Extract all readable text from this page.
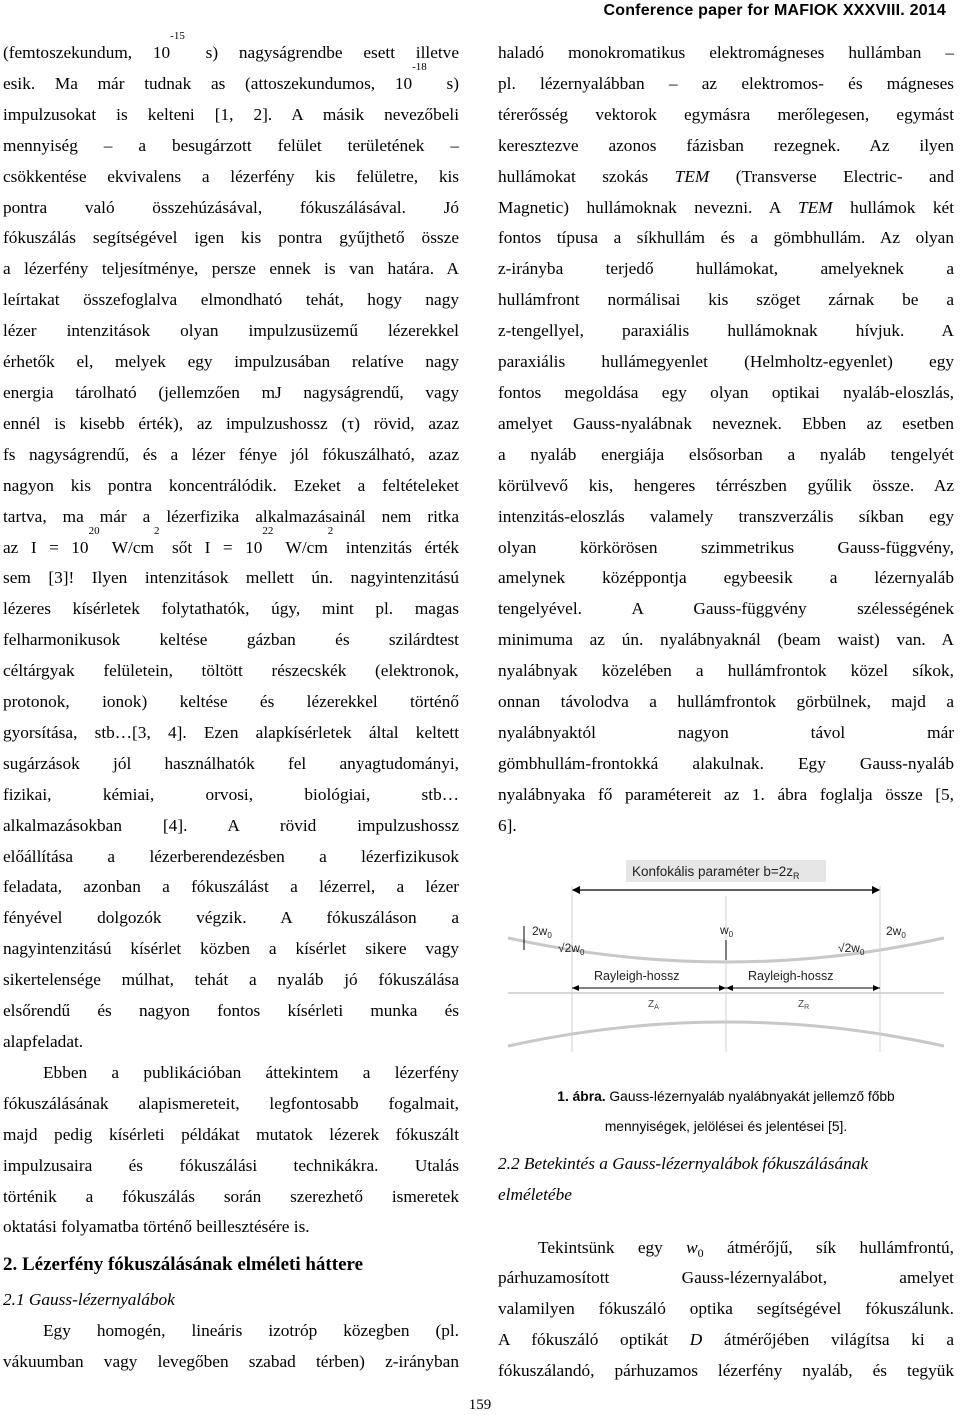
Conference paper for MAFIOK XXXVIII. 2014
(femtoszekundum, $10^{-15}$ s) nagyságrendbe esett illetve
esik. Ma már tudnak as (attoszekundumos, $10^{-18}$ s)
impulzusokat is kelteni [1, 2]. A másik nevezőbeli
mennyiség – a besugárzott felület területének –
csökkentése ekvivalens a lézerfény kis felületre, kis
pontra való összehúzásával, fókuszálásával. Jó
fókuszálás segítségével igen kis pontra gyűjthető össze
a lézerfény teljesítménye, persze ennek is van határa. A
leírtakat összefoglalva elmondható tehát, hogy nagy
lézer intenzitások olyan impulzusüzemű lézerekkel
érhetők el, melyek egy impulzusában relatíve nagy
energia tárolható (jellemzően mJ nagyságrendű, vagy
ennél is kisebb érték), az impulzushossz (τ) rövid, azaz
fs nagyságrendű, és a lézer fénye jól fókuszálható, azaz
nagyon kis pontra koncentrálódik. Ezeket a feltételeket
tartva, ma már a lézerfizika alkalmazásainál nem ritka
az $I = 10^{20}$ $W/cm^2$ sőt $I = 10^{22}$ $W/cm^2$ intenzitás érték
sem [3]! Ilyen intenzitások mellett ún. nagyintenzitású
lézeres kísérletek folytathatók, úgy, mint pl. magas
felharmonikusok keltése gázban és szilárdtest
céltárgyak felületein, töltött részecskék (elektronok,
protonok, ionok) keltése és lézerekkel történő
gyorsítása, stb…[3, 4]. Ezen alapkísérletek által keltett
sugárzások jól használhatók fel anyagtudományi,
fizikai, kémiai, orvosi, biológiai, stb…
alkalmazásokban [4]. A rövid impulzushossz
előállítása a lézerberendezésben a lézerfizikusok
feladata, azonban a fókuszálást a lézerrel, a lézer
fényével dolgozók végzik. A fókuszáláson a
nagyintenzitású kísérlet közben a kísérlet sikere vagy
sikertelensége múlhat, tehát a nyaláb jó fókuszálása
elsőrendű és nagyon fontos kísérleti munka és
alapfeladat.
Ebben a publikációban áttekintem a lézerfény
fókuszálásának alapismereteit, legfontosabb fogalmait,
majd pedig kísérleti példákat mutatok lézerek fókuszált
impulzusaira és fókuszálási technikákra. Utalás
történik a fókuszálás során szerezhető ismeretek
oktatási folyamatba történő beillesztésére is.
2. Lézerfény fókuszálásának elméleti háttere
2.1 Gauss-lézernyalábok
Egy homogén, lineáris izotróp közegben (pl.
vákuumban vagy levegőben szabad térben) z-irányban
haladó monokromatikus elektromágneses hullámban –
pl. lézernyalábban – az elektromos- és mágneses
térerősség vektorok egymásra merőlegesen, egymást
keresztezve azonos fázisban rezegnek. Az ilyen
hullámokat szokás TEM (Transverse Electric- and
Magnetic) hullámoknak nevezni. A TEM hullámok két
fontos típusa a síkhullám és a gömbhullám. Az olyan
z-irányba terjedő hullámokat, amelyeknek a
hullámfront normálisai kis szöget zárnak be a
z-tengellyel, paraxiális hullámoknak hívjuk. A
paraxiális hullámegyenlet (Helmholtz-egyenlet) egy
fontos megoldása egy olyan optikai nyaláb-eloszlás,
amelyet Gauss-nyalábnak neveznek. Ebben az esetben
a nyaláb energiája elsősorban a nyaláb tengelyét
körülvevő kis, hengeres térrészben gyűlik össze. Az
intenzitás-eloszlás valamely transzverzális síkban egy
olyan körkörösen szimmetrikus Gauss-függvény,
amelynek középpontja egybeesik a lézernyaláb
tengelyével. A Gauss-függvény szélességének
minimuma az ún. nyalábnyaknál (beam waist) van. A
nyalábnyak közelében a hullámfrontok közel síkok,
onnan távolodva a hullámfrontok görbülnek, majd a
nyalábnyaktól nagyon távol már
gömbhullám-frontokká alakulnak. Egy Gauss-nyaláb
nyalábnyaka fő paramétereit az 1. ábra foglalja össze [5,
6].
Konfokális paraméter $b=2z_R$
$2w_0$	$w_0$	$2w_0$
$√2w_0$	$√2w_0$
Rayleigh-hossz	Rayleigh-hossz
$Z_A$	$Z_R$
1. ábra. Gauss-lézernyaláb nyalábnyakát jellemző főbb
mennyiségek, jelölései és jelentései [5].
2.2 Betekintés a Gauss-lézernyalábok fókuszálásának
elméletébe
Tekintsünk egy $w_0$ átmérőjű, sík hullámfrontú,
párhuzamosított Gauss-lézernyalábot, amelyet
valamilyen fókuszáló optika segítségével fókuszálunk.
A fókuszáló optikát D átmérőjében világítsa ki a
fókuszálandó, párhuzamos lézerfény nyaláb, és tegyük
159
